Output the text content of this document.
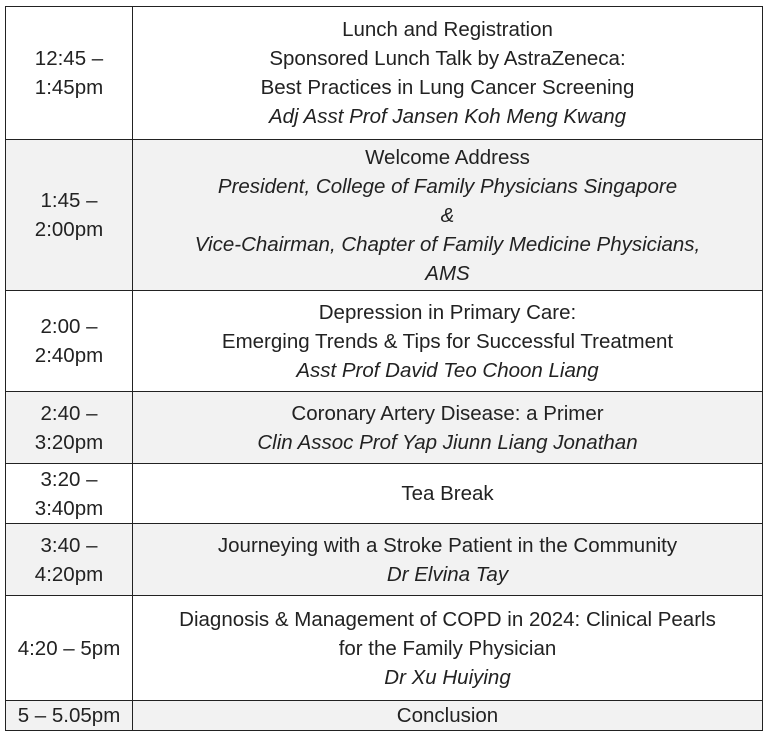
12:45 –
1:45pm	Lunch and Registration
Sponsored Lunch Talk by AstraZeneca:
Best Practices in Lung Cancer Screening
Adj Asst Prof Jansen Koh Meng Kwang

1:45 –
2:00pm	Welcome Address
President, College of Family Physicians Singapore
&
Vice-Chairman, Chapter of Family Medicine Physicians,
AMS

2:00 –
2:40pm	Depression in Primary Care:
Emerging Trends & Tips for Successful Treatment
Asst Prof David Teo Choon Liang

2:40 –
3:20pm	Coronary Artery Disease: a Primer
Clin Assoc Prof Yap Jiunn Liang Jonathan

3:20 –
3:40pm	Tea Break

3:40 –
4:20pm	Journeying with a Stroke Patient in the Community
Dr Elvina Tay

4:20 – 5pm	Diagnosis & Management of COPD in 2024: Clinical Pearls
for the Family Physician
Dr Xu Huiying

5 – 5.05pm	Conclusion
